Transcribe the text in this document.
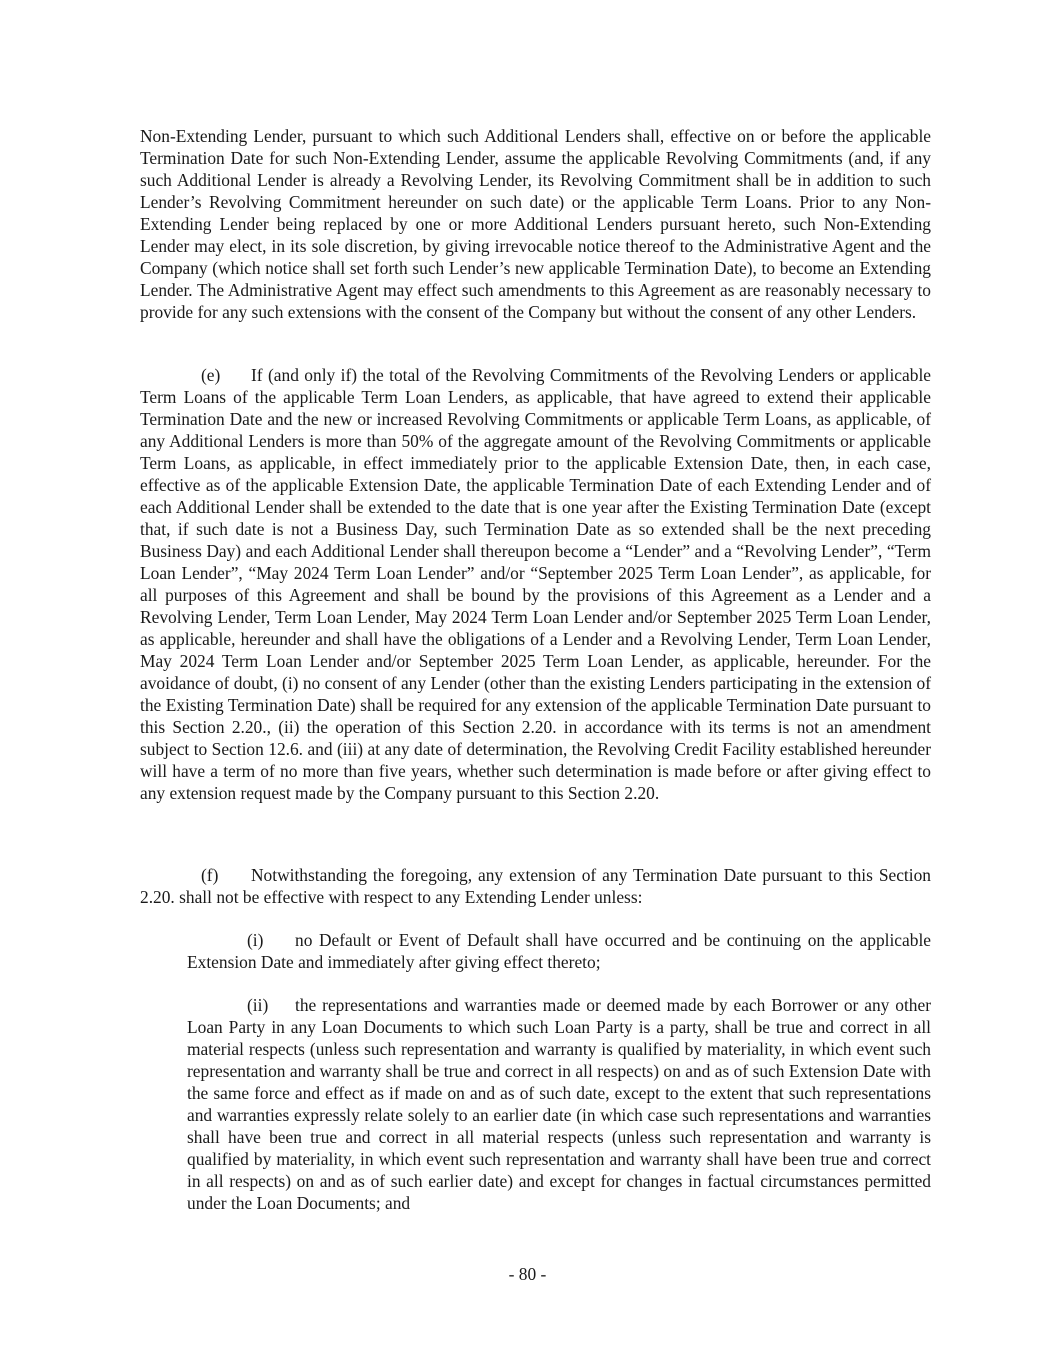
Non-Extending Lender, pursuant to which such Additional Lenders shall, effective on or before the applicable Termination Date for such Non-Extending Lender, assume the applicable Revolving Commitments (and, if any such Additional Lender is already a Revolving Lender, its Revolving Commitment shall be in addition to such Lender’s Revolving Commitment hereunder on such date) or the applicable Term Loans. Prior to any Non-Extending Lender being replaced by one or more Additional Lenders pursuant hereto, such Non-Extending Lender may elect, in its sole discretion, by giving irrevocable notice thereof to the Administrative Agent and the Company (which notice shall set forth such Lender’s new applicable Termination Date), to become an Extending Lender. The Administrative Agent may effect such amendments to this Agreement as are reasonably necessary to provide for any such extensions with the consent of the Company but without the consent of any other Lenders.

(e) If (and only if) the total of the Revolving Commitments of the Revolving Lenders or applicable Term Loans of the applicable Term Loan Lenders, as applicable, that have agreed to extend their applicable Termination Date and the new or increased Revolving Commitments or applicable Term Loans, as applicable, of any Additional Lenders is more than 50% of the aggregate amount of the Revolving Commitments or applicable Term Loans, as applicable, in effect immediately prior to the applicable Extension Date, then, in each case, effective as of the applicable Extension Date, the applicable Termination Date of each Extending Lender and of each Additional Lender shall be extended to the date that is one year after the Existing Termination Date (except that, if such date is not a Business Day, such Termination Date as so extended shall be the next preceding Business Day) and each Additional Lender shall thereupon become a “Lender” and a “Revolving Lender”, “Term Loan Lender”, “May 2024 Term Loan Lender” and/or “September 2025 Term Loan Lender”, as applicable, for all purposes of this Agreement and shall be bound by the provisions of this Agreement as a Lender and a Revolving Lender, Term Loan Lender, May 2024 Term Loan Lender and/or September 2025 Term Loan Lender, as applicable, hereunder and shall have the obligations of a Lender and a Revolving Lender, Term Loan Lender, May 2024 Term Loan Lender and/or September 2025 Term Loan Lender, as applicable, hereunder. For the avoidance of doubt, (i) no consent of any Lender (other than the existing Lenders participating in the extension of the Existing Termination Date) shall be required for any extension of the applicable Termination Date pursuant to this Section 2.20., (ii) the operation of this Section 2.20. in accordance with its terms is not an amendment subject to Section 12.6. and (iii) at any date of determination, the Revolving Credit Facility established hereunder will have a term of no more than five years, whether such determination is made before or after giving effect to any extension request made by the Company pursuant to this Section 2.20.

(f) Notwithstanding the foregoing, any extension of any Termination Date pursuant to this Section 2.20. shall not be effective with respect to any Extending Lender unless:

(i) no Default or Event of Default shall have occurred and be continuing on the applicable Extension Date and immediately after giving effect thereto;

(ii) the representations and warranties made or deemed made by each Borrower or any other Loan Party in any Loan Documents to which such Loan Party is a party, shall be true and correct in all material respects (unless such representation and warranty is qualified by materiality, in which event such representation and warranty shall be true and correct in all respects) on and as of such Extension Date with the same force and effect as if made on and as of such date, except to the extent that such representations and warranties expressly relate solely to an earlier date (in which case such representations and warranties shall have been true and correct in all material respects (unless such representation and warranty is qualified by materiality, in which event such representation and warranty shall have been true and correct in all respects) on and as of such earlier date) and except for changes in factual circumstances permitted under the Loan Documents; and

- 80 -
